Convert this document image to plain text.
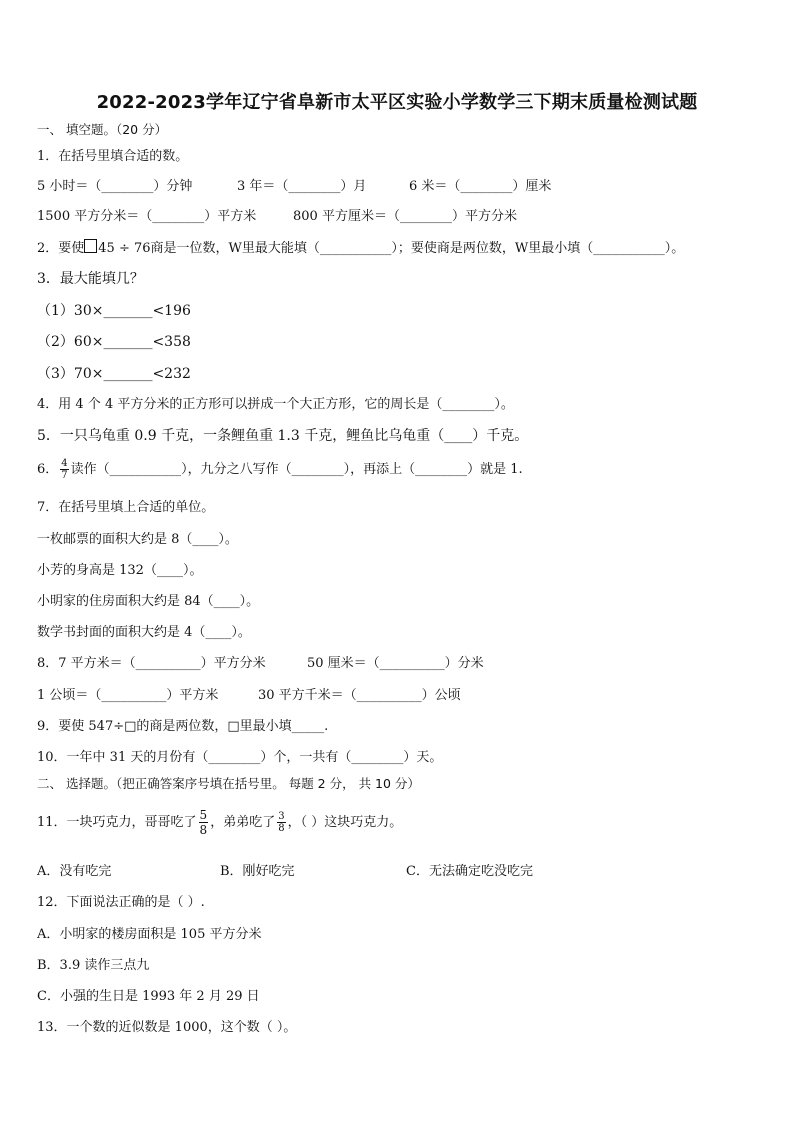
2022-2023学年辽宁省阜新市太平区实验小学数学三下期末质量检测试题
一、 填空题。（20 分）
1．在括号里填合适的数。
5 小时＝（________）分钟	3 年＝（________）月	6 米＝（________）厘米
1500 平方分米＝（________）平方米	800 平方厘米＝（________）平方分米
2．要使 45 ÷ 76商是一位数，W里最大能填（___________）；要使商是两位数，W里最小填（___________）。
3．最大能填几？
（1）30×_______<196
（2）60×_______<358
（3）70×_______<232
4．用 4 个 4 平方分米的正方形可以拼成一个大正方形，它的周长是（________）。
5．一只乌龟重 0.9 千克，一条鲤鱼重 1.3 千克，鲤鱼比乌龟重（____）千克。
6． $\frac{4}{7}$ 读作（___________），九分之八写作（________），再添上（________）就是 1.
7．在括号里填上合适的单位。
一枚邮票的面积大约是 8（____）。
小芳的身高是 132（____）。
小明家的住房面积大约是 84（____）。
数学书封面的面积大约是 4（____）。
8．7 平方米＝（__________）平方分米	50 厘米＝（__________）分米
1 公顷＝（__________）平方米	30 平方千米＝（__________）公顷
9．要使 547÷□的商是两位数，□里最小填_____.
10．一年中 31 天的月份有（________）个，一共有（________）天。
二、 选择题。（把正确答案序号填在括号里。 每题 2 分， 共 10 分）
11．一块巧克力，哥哥吃了 $\frac{5}{8}$ ，弟弟吃了 $\frac{3}{8}$ ，（ ）这块巧克力。
A．没有吃完	B．刚好吃完	C．无法确定吃没吃完
12．下面说法正确的是（ ）.
A．小明家的楼房面积是 105 平方分米
B．3.9 读作三点九
C．小强的生日是 1993 年 2 月 29 日
13．一个数的近似数是 1000，这个数（ ）。
